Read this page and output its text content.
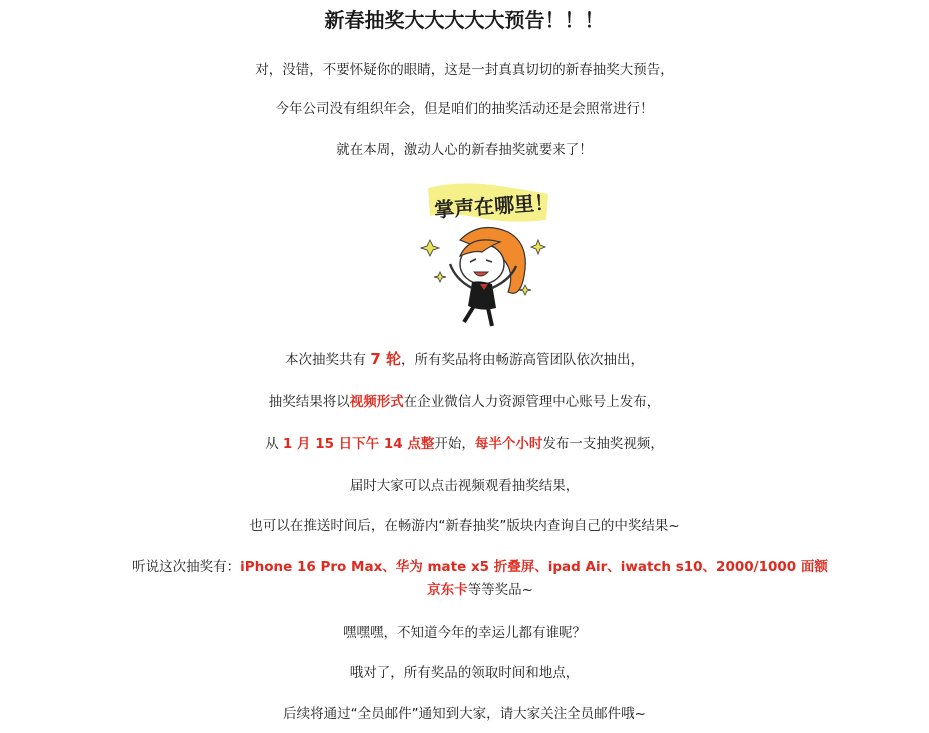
新春抽奖大大大大大预告！！！
对，没错，不要怀疑你的眼睛，这是一封真真切切的新春抽奖大预告，
今年公司没有组织年会，但是咱们的抽奖活动还是会照常进行！
就在本周，激动人心的新春抽奖就要来了！
掌声在哪里！
本次抽奖共有 7 轮，所有奖品将由畅游高管团队依次抽出，
抽奖结果将以视频形式在企业微信人力资源管理中心账号上发布，
从 1 月 15 日下午 14 点整开始，每半个小时发布一支抽奖视频，
届时大家可以点击视频观看抽奖结果，
也可以在推送时间后，在畅游内“新春抽奖”版块内查询自己的中奖结果~
听说这次抽奖有：iPhone 16 Pro Max、华为 mate x5 折叠屏、ipad Air、iwatch s10、2000/1000 面额京东卡等等奖品~
嘿嘿嘿，不知道今年的幸运儿都有谁呢？
哦对了，所有奖品的领取时间和地点，
后续将通过“全员邮件”通知到大家，请大家关注全员邮件哦~
